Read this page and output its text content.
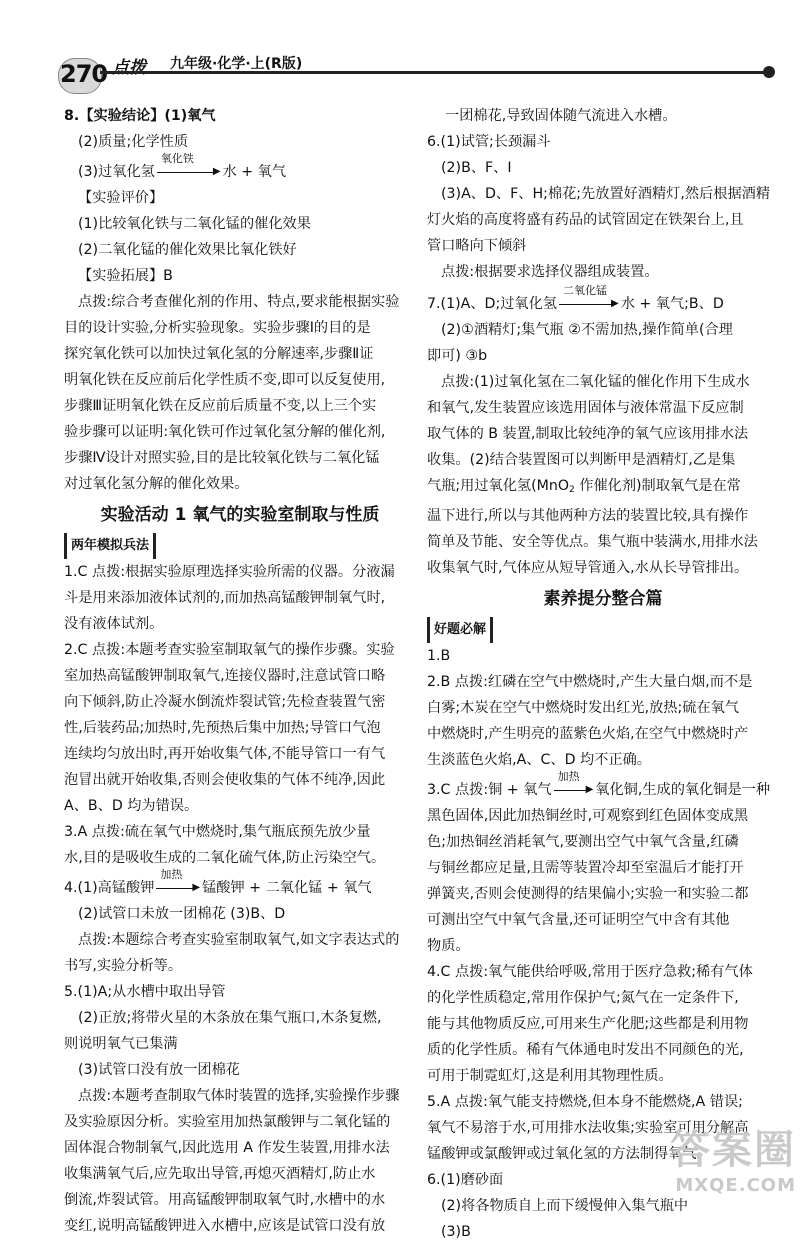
270 点拨 九年级·化学·上(R版)
8.【实验结论】(1)氧气
(2)质量;化学性质
(3)过氧化氢
氧化铁
▶ 水 + 氧气
【实验评价】
(1)比较氧化铁与二氧化锰的催化效果
(2)二氧化锰的催化效果比氧化铁好
【实验拓展】B
点拨:综合考查催化剂的作用、特点,要求能根据实验
目的设计实验,分析实验现象。实验步骤Ⅰ的目的是
探究氧化铁可以加快过氧化氢的分解速率,步骤Ⅱ证
明氧化铁在反应前后化学性质不变,即可以反复使用,
步骤Ⅲ证明氧化铁在反应前后质量不变,以上三个实
验步骤可以证明:氧化铁可作过氧化氢分解的催化剂,
步骤Ⅳ设计对照实验,目的是比较氧化铁与二氧化锰
对过氧化氢分解的催化效果。
实验活动 1 氧气的实验室制取与性质
两年模拟兵法
1.C 点拨:根据实验原理选择实验所需的仪器。分液漏
斗是用来添加液体试剂的,而加热高锰酸钾制氧气时,
没有液体试剂。
2.C 点拨:本题考查实验室制取氧气的操作步骤。实验
室加热高锰酸钾制取氧气,连接仪器时,注意试管口略
向下倾斜,防止冷凝水倒流炸裂试管;先检查装置气密
性,后装药品;加热时,先预热后集中加热;导管口气泡
连续均匀放出时,再开始收集气体,不能导管口一有气
泡冒出就开始收集,否则会使收集的气体不纯净,因此
A、B、D 均为错误。
3.A 点拨:硫在氧气中燃烧时,集气瓶底预先放少量
水,目的是吸收生成的二氧化硫气体,防止污染空气。
4.(1)高锰酸钾
加热
▶ 锰酸钾 + 二氧化锰 + 氧气
(2)试管口未放一团棉花 (3)B、D
点拨:本题综合考查实验室制取氧气,如文字表达式的
书写,实验分析等。
5.(1)A;从水槽中取出导管
(2)正放;将带火星的木条放在集气瓶口,木条复燃,
则说明氧气已集满
(3)试管口没有放一团棉花
点拨:本题考查制取气体时装置的选择,实验操作步骤
及实验原因分析。实验室用加热氯酸钾与二氧化锰的
固体混合物制氧气,因此选用 A 作发生装置,用排水法
收集满氧气后,应先取出导管,再熄灭酒精灯,防止水
倒流,炸裂试管。用高锰酸钾制取氧气时,水槽中的水
变红,说明高锰酸钾进入水槽中,应该是试管口没有放
一团棉花,导致固体随气流进入水槽。
6.(1)试管;长颈漏斗
(2)B、F、I
(3)A、D、F、H;棉花;先放置好酒精灯,然后根据酒精
灯火焰的高度将盛有药品的试管固定在铁架台上,且
管口略向下倾斜
点拨:根据要求选择仪器组成装置。
7.(1)A、D;过氧化氢
二氧化锰
▶ 水 + 氧气;B、D
(2)①酒精灯;集气瓶 ②不需加热,操作简单(合理
即可) ③b
点拨:(1)过氧化氢在二氧化锰的催化作用下生成水
和氧气,发生装置应该选用固体与液体常温下反应制
取气体的 B 装置,制取比较纯净的氧气应该用排水法
收集。(2)结合装置图可以判断甲是酒精灯,乙是集
气瓶;用过氧化氢(MnO$_2$ 作催化剂)制取氧气是在常
温下进行,所以与其他两种方法的装置比较,具有操作
简单及节能、安全等优点。集气瓶中装满水,用排水法
收集氧气时,气体应从短导管通入,水从长导管排出。
素养提分整合篇
好题必解
1.B
2.B 点拨:红磷在空气中燃烧时,产生大量白烟,而不是
白雾;木炭在空气中燃烧时发出红光,放热;硫在氧气
中燃烧时,产生明亮的蓝紫色火焰,在空气中燃烧时产
生淡蓝色火焰,A、C、D 均不正确。
3.C 点拨:铜 + 氧气
加热
▶ 氧化铜,生成的氧化铜是一种
黑色固体,因此加热铜丝时,可观察到红色固体变成黑
色;加热铜丝消耗氧气,要测出空气中氧气含量,红磷
与铜丝都应足量,且需等装置冷却至室温后才能打开
弹簧夹,否则会使测得的结果偏小;实验一和实验二都
可测出空气中氧气含量,还可证明空气中含有其他
物质。
4.C 点拨:氧气能供给呼吸,常用于医疗急救;稀有气体
的化学性质稳定,常用作保护气;氮气在一定条件下,
能与其他物质反应,可用来生产化肥;这些都是利用物
质的化学性质。稀有气体通电时发出不同颜色的光,
可用于制霓虹灯,这是利用其物理性质。
5.A 点拨:氧气能支持燃烧,但本身不能燃烧,A 错误;
氧气不易溶于水,可用排水法收集;实验室可用分解高
锰酸钾或氯酸钾或过氧化氢的方法制得氧气。
6.(1)磨砂面
(2)将各物质自上而下缓慢伸入集气瓶中
(3)B
答案圈
MXQE.COM
